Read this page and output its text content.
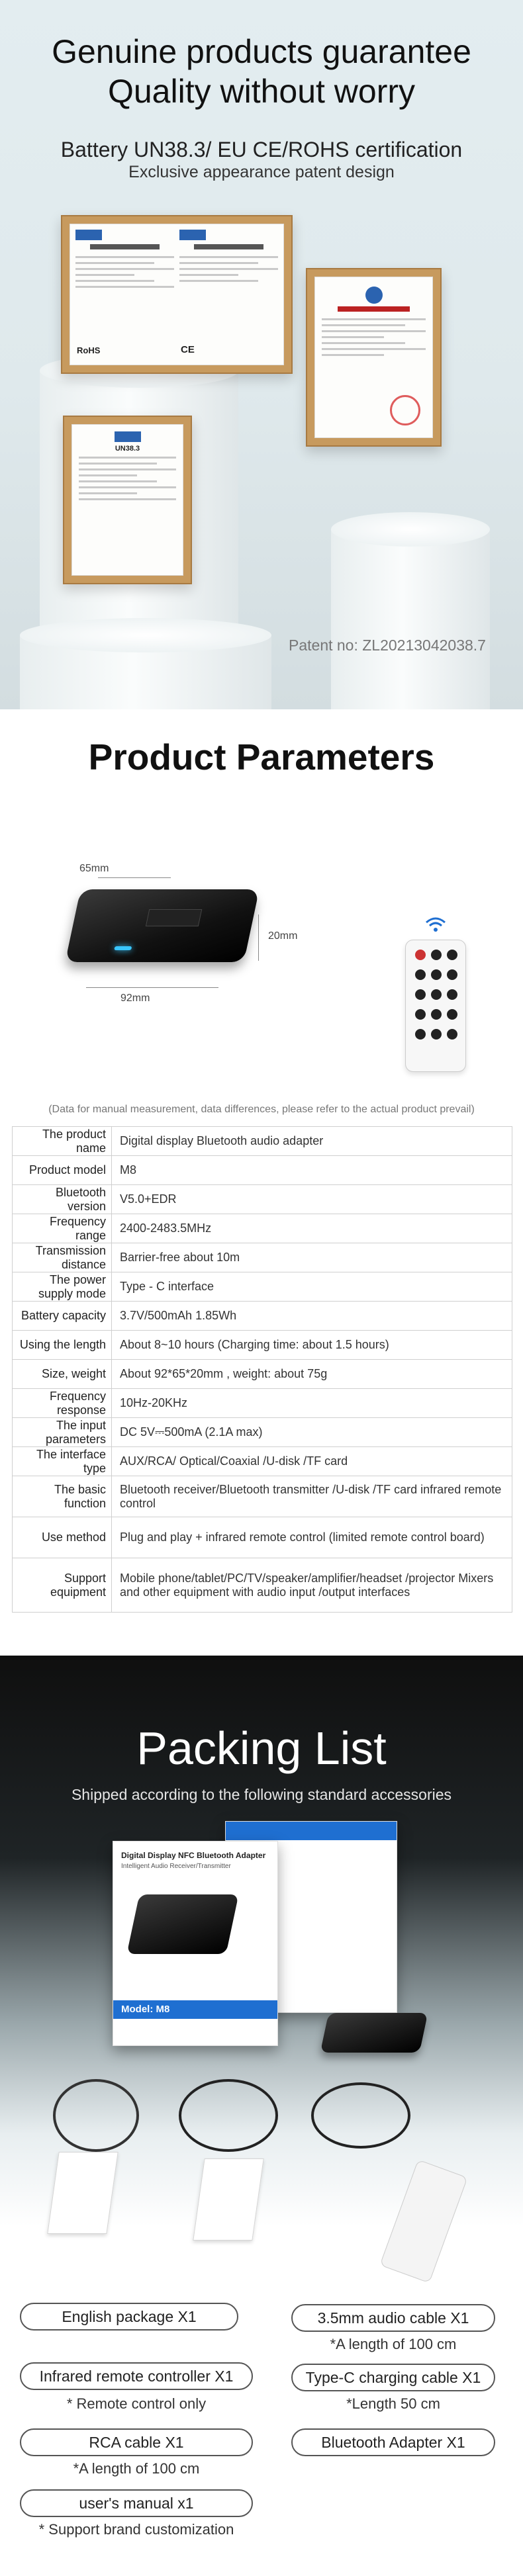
Genuine products guarantee
Quality without worry
Battery UN38.3/ EU CE/ROHS certification
Exclusive appearance patent design
RoHS	CE
UN38.3
Patent no: ZL20213042038.7
Product Parameters
65mm
20mm
92mm
(Data for manual measurement, data differences, please refer to the actual product prevail)
The product name	Digital display Bluetooth audio adapter
Product model	M8
Bluetooth version	V5.0+EDR
Frequency range	2400-2483.5MHz
Transmission distance	Barrier-free about 10m
The power supply mode	Type - C interface
Battery capacity	3.7V/500mAh 1.85Wh
Using the length	About 8~10 hours (Charging time: about 1.5 hours)
Size, weight	About 92*65*20mm , weight: about 75g
Frequency response	10Hz-20KHz
The input parameters	DC 5V⎓500mA (2.1A max)
The interface type	AUX/RCA/ Optical/Coaxial /U-disk /TF card
The basic function	Bluetooth receiver/Bluetooth transmitter /U-disk /TF card infrared remote control
Use method	Plug and play + infrared remote control (limited remote control board)
Support equipment	Mobile phone/tablet/PC/TV/speaker/amplifier/headset /projector Mixers and other equipment with audio input /output interfaces
Packing List
Shipped according to the following standard accessories
Digital Display NFC Bluetooth Adapter
Intelligent Audio Receiver/Transmitter
Model: M8
English package X1	3.5mm audio cable X1
*A length of 100 cm
Infrared remote controller X1	Type-C charging cable X1
* Remote control only	*Length 50 cm
RCA cable X1	Bluetooth Adapter X1
*A length of 100 cm
user's manual x1
* Support brand customization
